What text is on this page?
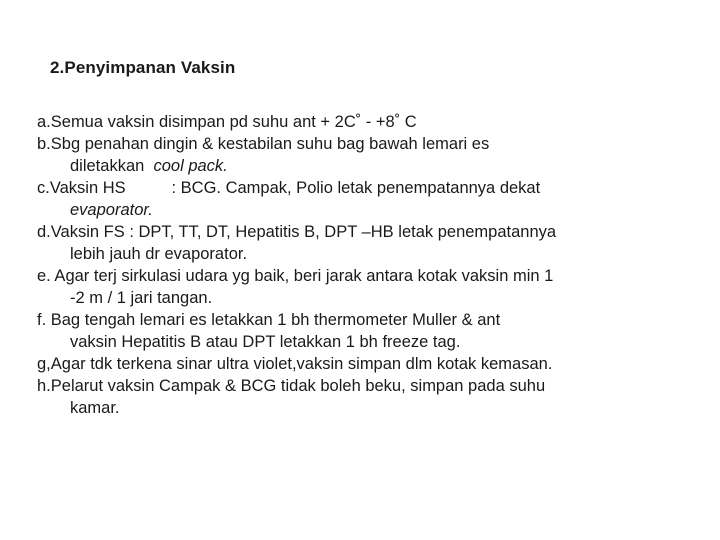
2.Penyimpanan Vaksin
a.Semua vaksin disimpan pd suhu ant + 2C˚ - +8˚ C
b.Sbg penahan dingin & kestabilan suhu bag bawah lemari es
diletakkan  cool pack.
c.Vaksin HS          : BCG. Campak, Polio letak penempatannya dekat
evaporator.
d.Vaksin FS : DPT, TT, DT, Hepatitis B, DPT –HB letak penempatannya
lebih jauh dr evaporator.
e. Agar terj sirkulasi udara yg baik, beri jarak antara kotak vaksin min 1
-2 m / 1 jari tangan.
f. Bag tengah lemari es letakkan 1 bh thermometer Muller & ant
vaksin Hepatitis B atau DPT letakkan 1 bh freeze tag.
g,Agar tdk terkena sinar ultra violet,vaksin simpan dlm kotak kemasan.
h.Pelarut vaksin Campak & BCG tidak boleh beku, simpan pada suhu
kamar.
